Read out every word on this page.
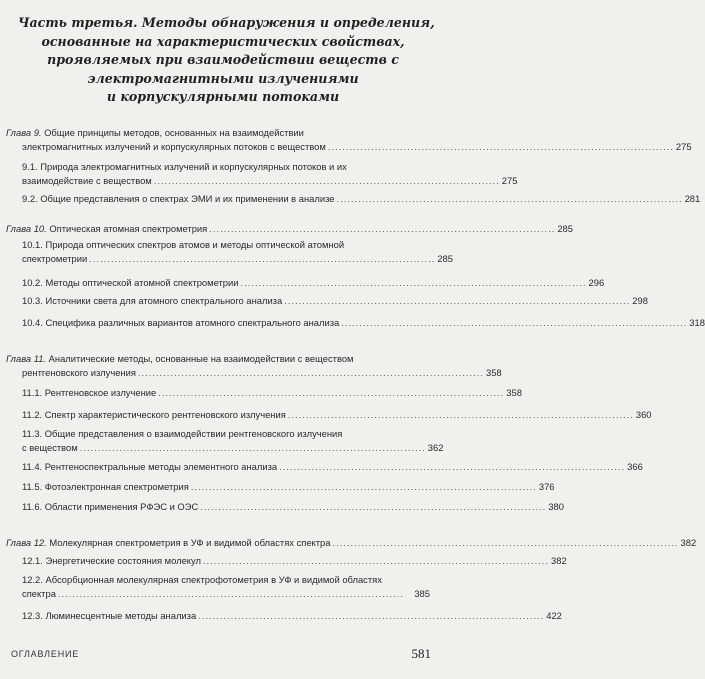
Часть третья. Методы обнаружения и определения,
основанные на характеристических свойствах,
проявляемых при взаимодействии веществ с
электромагнитными излучениями
и корпускулярными потоками
Глава 9. Общие принципы методов, основанных на взаимодействии
электромагнитных излучений и корпускулярных потоков с веществом ................................................................................................ 275
9.1. Природа электромагнитных излучений и корпускулярных потоков и их
взаимодействие с веществом ................................................................................................ 275
9.2. Общие представления о спектрах ЭМИ и их применении в анализе ................................................................................................ 281
Глава 10. Оптическая атомная спектрометрия ................................................................................................ 285
10.1. Природа оптических спектров атомов и методы оптической атомной
спектрометрии ................................................................................................ 285
10.2. Методы оптической атомной спектрометрии ................................................................................................ 296
10.3. Источники света для атомного спектрального анализа ................................................................................................ 298
10.4. Специфика различных вариантов атомного спектрального анализа ................................................................................................ 318
Глава 11. Аналитические методы, основанные на взаимодействии с веществом
рентгеновского излучения ................................................................................................ 358
11.1. Рентгеновское излучение ................................................................................................ 358
11.2. Спектр характеристического рентгеновского излучения ................................................................................................ 360
11.3. Общие представления о взаимодействии рентгеновского излучения
с веществом ................................................................................................ 362
11.4. Рентгеноспектральные методы элементного анализа ................................................................................................ 366
11.5. Фотоэлектронная спектрометрия ................................................................................................ 376
11.6. Области применения РФЭС и ОЭС ................................................................................................ 380
Глава 12. Молекулярная спектрометрия в УФ и видимой областях спектра ................................................................................................ 382
12.1. Энергетические состояния молекул ................................................................................................ 382
12.2. Абсорбционная молекулярная спектрофотометрия в УФ и видимой областях
спектра ................................................................................................	385
12.3. Люминесцентные методы анализа ................................................................................................ 422
ОГЛАВЛЕНИЕ	581
